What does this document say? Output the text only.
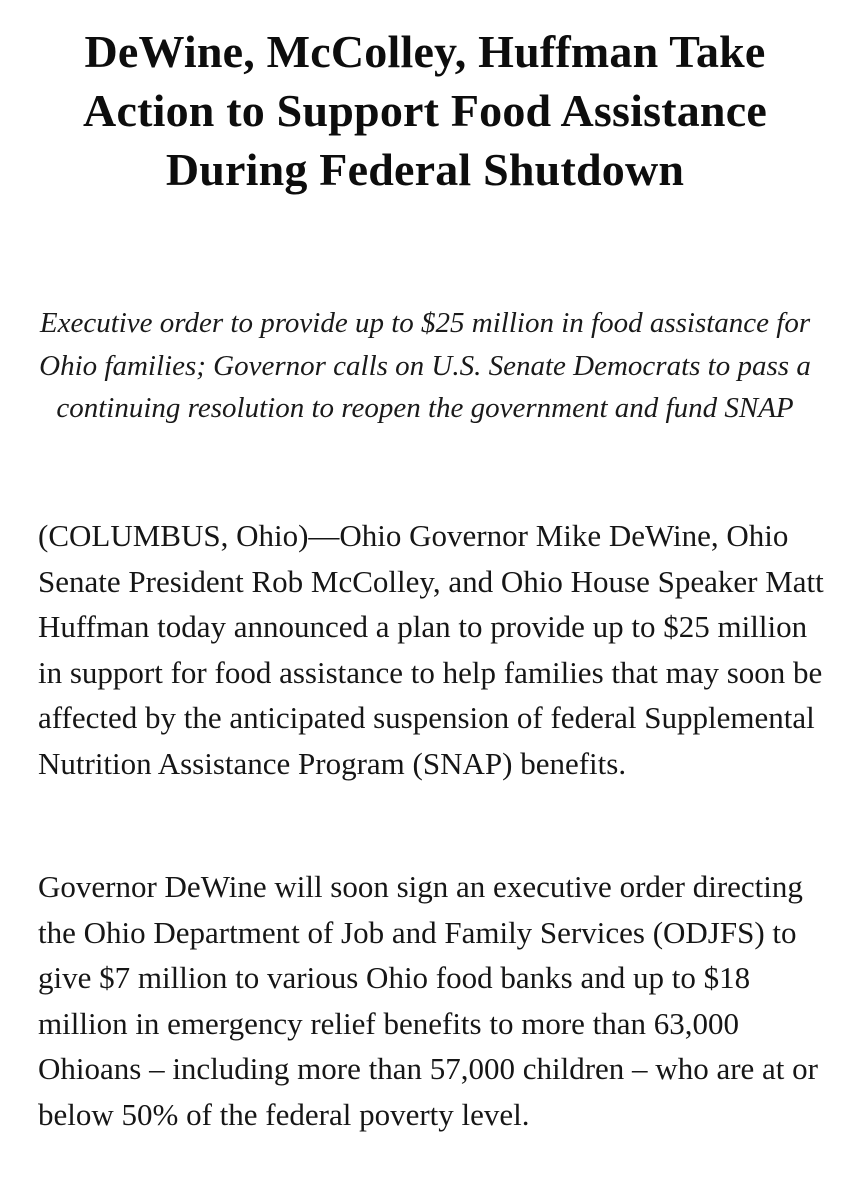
DeWine, McColley, Huffman Take Action to Support Food Assistance During Federal Shutdown

Executive order to provide up to $25 million in food assistance for Ohio families; Governor calls on U.S. Senate Democrats to pass a continuing resolution to reopen the government and fund SNAP

(COLUMBUS, Ohio)—Ohio Governor Mike DeWine, Ohio Senate President Rob McColley, and Ohio House Speaker Matt Huffman today announced a plan to provide up to $25 million in support for food assistance to help families that may soon be affected by the anticipated suspension of federal Supplemental Nutrition Assistance Program (SNAP) benefits.

Governor DeWine will soon sign an executive order directing the Ohio Department of Job and Family Services (ODJFS) to give $7 million to various Ohio food banks and up to $18 million in emergency relief benefits to more than 63,000 Ohioans – including more than 57,000 children – who are at or below 50% of the federal poverty level.
